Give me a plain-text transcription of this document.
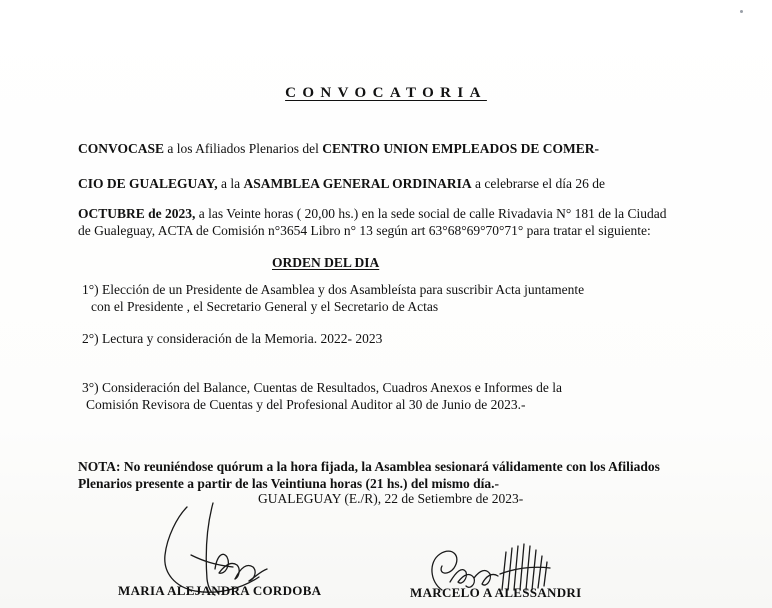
CONVOCATORIA
CONVOCASE a los Afiliados Plenarios del CENTRO UNION EMPLEADOS DE COMER-
CIO DE GUALEGUAY, a la ASAMBLEA GENERAL ORDINARIA a celebrarse el día 26 de
OCTUBRE de 2023, a las Veinte horas ( 20,00 hs.) en la sede social de calle Rivadavia N° 181 de la Ciudad
de Gualeguay, ACTA de Comisión n°3654 Libro n° 13 según art 63°68°69°70°71° para tratar el siguiente:
ORDEN DEL DIA
1°) Elección de un Presidente de Asamblea y dos Asambleísta para suscribir Acta juntamente
con el Presidente , el Secretario General y el Secretario de Actas
2°) Lectura y consideración de la Memoria. 2022- 2023
3°) Consideración del Balance, Cuentas de Resultados, Cuadros Anexos e Informes de la
Comisión Revisora de Cuentas y del Profesional Auditor al 30 de Junio de 2023.-
NOTA: No reuniéndose quórum a la hora fijada, la Asamblea sesionará válidamente con los Afiliados
Plenarios presente a partir de las Veintiuna horas (21 hs.) del mismo día.-
GUALEGUAY (E./R), 22 de Setiembre de 2023-
MARIA ALEJANDRA CORDOBA	MARCELO A ALESSANDRI
